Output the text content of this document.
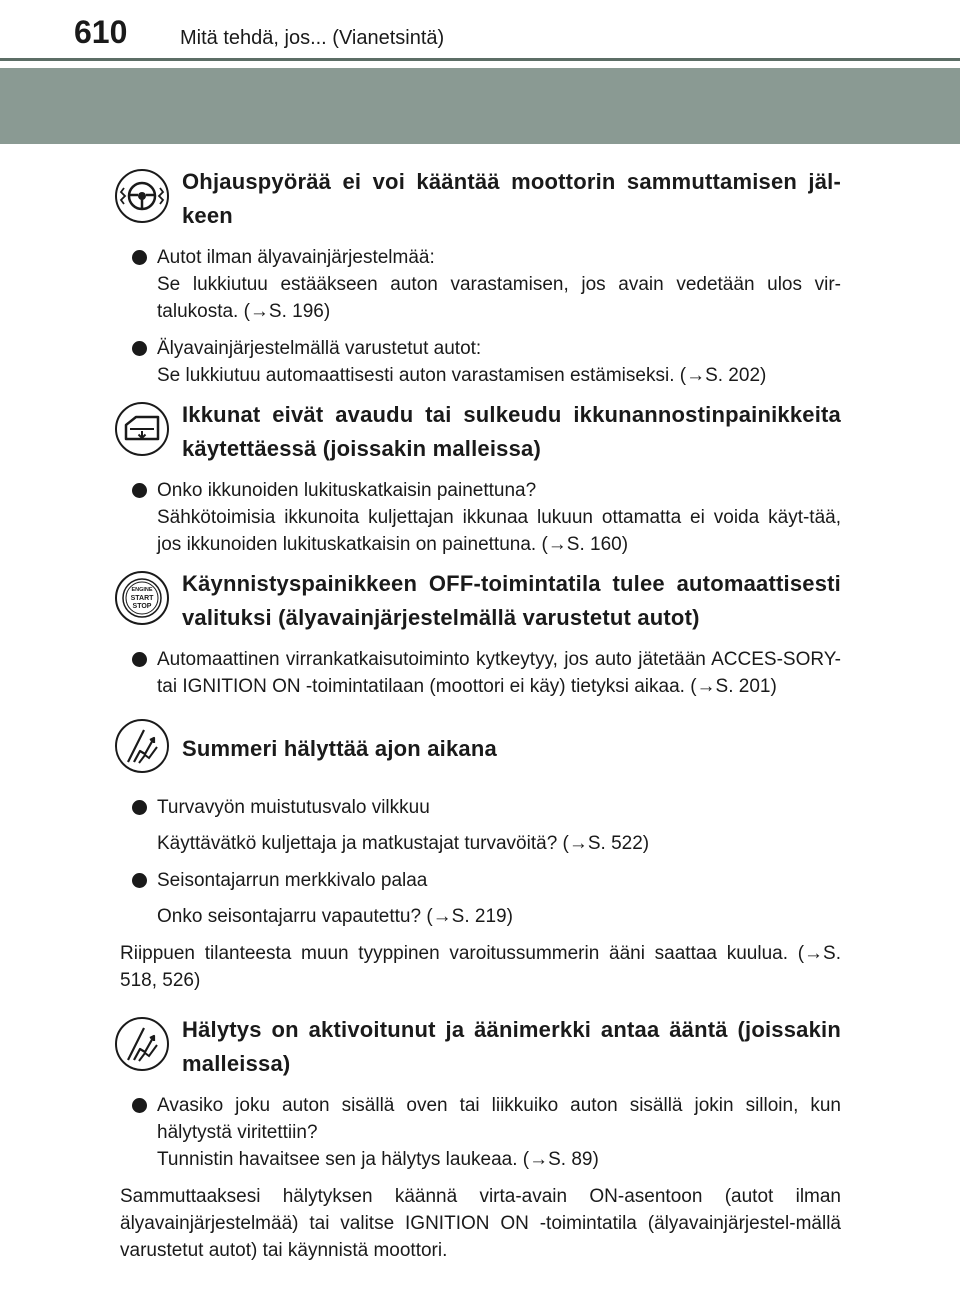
610	Mitä tehdä, jos... (Vianetsintä)
Ohjauspyörää ei voi kääntää moottorin sammuttamisen jäl-keen
Autot ilman älyavainjärjestelmää:
Se lukkiutuu estääkseen auton varastamisen, jos avain vedetään ulos vir-talukosta. (→S. 196)
Älyavainjärjestelmällä varustetut autot:
Se lukkiutuu automaattisesti auton varastamisen estämiseksi. (→S. 202)
Ikkunat eivät avaudu tai sulkeudu ikkunannostinpainikkeita käytettäessä (joissakin malleissa)
Onko ikkunoiden lukituskatkaisin painettuna?
Sähkötoimisia ikkunoita kuljettajan ikkunaa lukuun ottamatta ei voida käyt-tää, jos ikkunoiden lukituskatkaisin on painettuna. (→S. 160)
ENGINE
START
STOP
Käynnistyspainikkeen OFF-toimintatila tulee automaattisesti valituksi (älyavainjärjestelmällä varustetut autot)
Automaattinen virrankatkaisutoiminto kytkeytyy, jos auto jätetään ACCES-SORY- tai IGNITION ON -toimintatilaan (moottori ei käy) tietyksi aikaa. (→S. 201)
Summeri hälyttää ajon aikana
Turvavyön muistutusvalo vilkkuu
Käyttävätkö kuljettaja ja matkustajat turvavöitä? (→S. 522)
Seisontajarrun merkkivalo palaa
Onko seisontajarru vapautettu? (→S. 219)
Riippuen tilanteesta muun tyyppinen varoitussummerin ääni saattaa kuulua. (→S. 518, 526)
Hälytys on aktivoitunut ja äänimerkki antaa ääntä (joissakin malleissa)
Avasiko joku auton sisällä oven tai liikkuiko auton sisällä jokin silloin, kun hälytystä viritettiin?
Tunnistin havaitsee sen ja hälytys laukeaa. (→S. 89)
Sammuttaaksesi hälytyksen käännä virta-avain ON-asentoon (autot ilman älyavainjärjestelmää) tai valitse IGNITION ON -toimintatila (älyavainjärjestel-mällä varustetut autot) tai käynnistä moottori.
